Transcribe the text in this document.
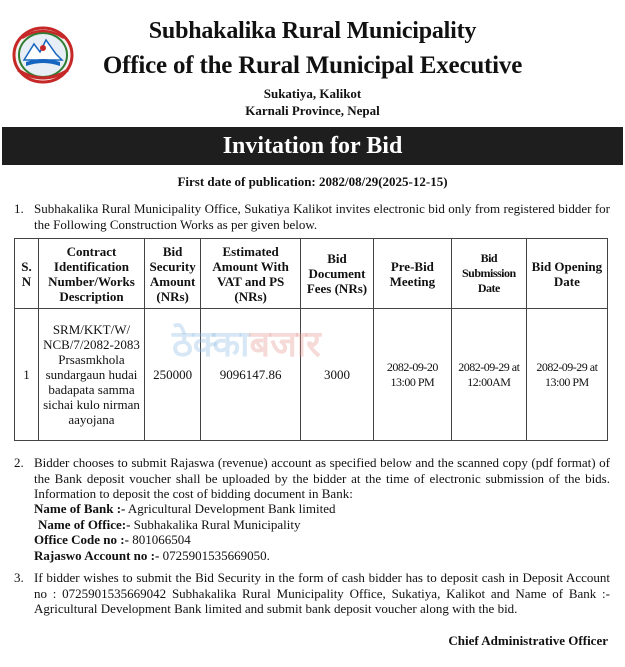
Subhakalika Rural Municipality
Office of the Rural Municipal Executive
Sukatiya, Kalikot
Karnali Province, Nepal
Invitation for Bid
First date of publication: 2082/08/29(2025-12-15)
1. Subhakalika Rural Municipality Office, Sukatiya Kalikot invites electronic bid only from registered bidder for the Following Construction Works as per given below.
S. N	Contract Identification Number/Works Description	Bid Security Amount (NRs)	Estimated Amount With VAT and PS (NRs)	Bid Document Fees (NRs)	Pre-Bid Meeting	Bid Submission Date	Bid Opening Date
1	SRM/KKT/W/ NCB/7/2082-2083 Prsasmkhola sundargaun hudai badapata samma sichai kulo nirman aayojana	250000	9096147.86	3000	2082-09-20 13:00 PM	2082-09-29 at 12:00AM	2082-09-29 at 13:00 PM
ठेक्काबजार
2. Bidder chooses to submit Rajaswa (revenue) account as specified below and the scanned copy (pdf format) of the Bank deposit voucher shall be uploaded by the bidder at the time of electronic submission of the bids. Information to deposit the cost of bidding document in Bank:
Name of Bank :- Agricultural Development Bank limited
Name of Office:- Subhakalika Rural Municipality
Office Code no :- 801066504
Rajaswo Account no :- 0725901535669050.
3. If bidder wishes to submit the Bid Security in the form of cash bidder has to deposit cash in Deposit Account no : 0725901535669042 Subhakalika Rural Municipality Office, Sukatiya, Kalikot and Name of Bank :- Agricultural Development Bank limited and submit bank deposit voucher along with the bid.
Chief Administrative Officer
